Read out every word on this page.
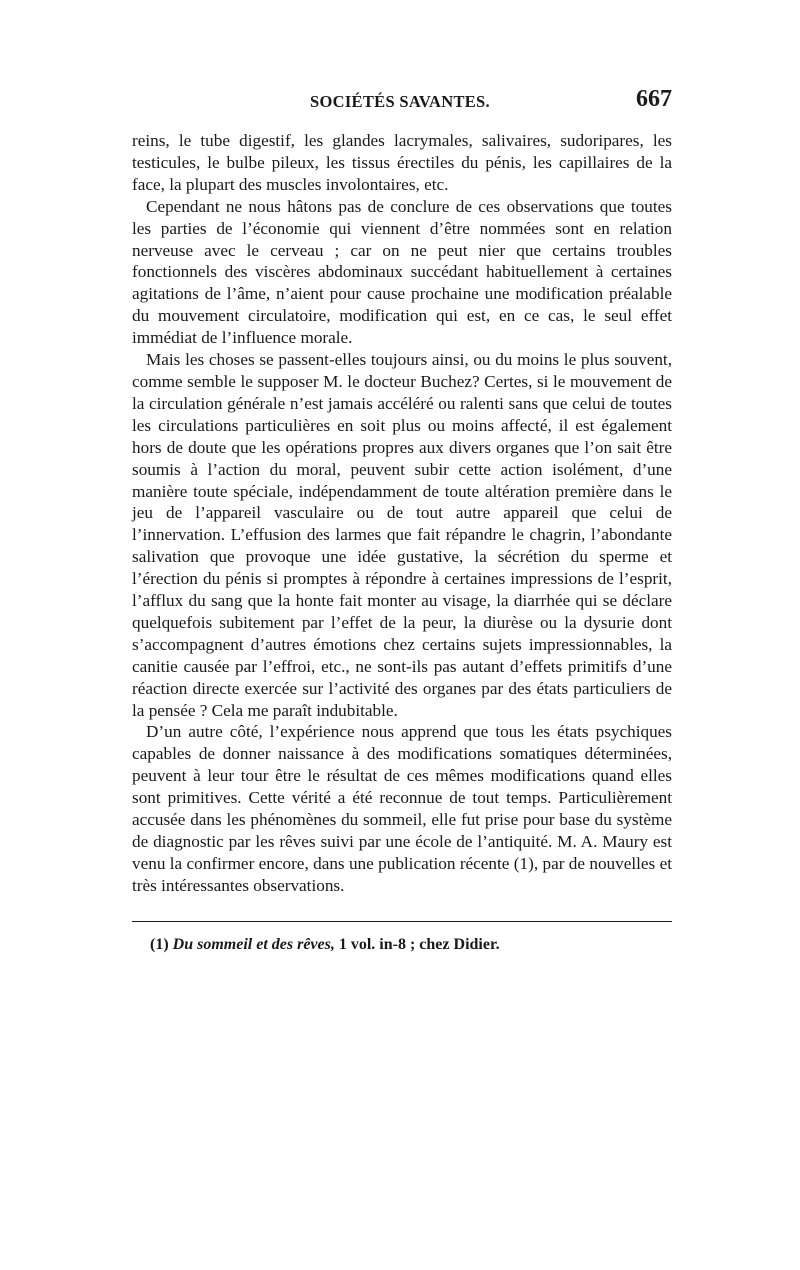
SOCIÉTÉS SAVANTES.	667

reins, le tube digestif, les glandes lacrymales, salivaires, sudoripares, les testicules, le bulbe pileux, les tissus érectiles du pénis, les capillaires de la face, la plupart des muscles involontaires, etc.

Cependant ne nous hâtons pas de conclure de ces observations que toutes les parties de l’économie qui viennent d’être nommées sont en relation nerveuse avec le cerveau ; car on ne peut nier que certains troubles fonctionnels des viscères abdominaux succédant habituellement à certaines agitations de l’âme, n’aient pour cause prochaine une modification préalable du mouvement circulatoire, modification qui est, en ce cas, le seul effet immédiat de l’influence morale.

Mais les choses se passent-elles toujours ainsi, ou du moins le plus souvent, comme semble le supposer M. le docteur Buchez? Certes, si le mouvement de la circulation générale n’est jamais accéléré ou ralenti sans que celui de toutes les circulations particulières en soit plus ou moins affecté, il est également hors de doute que les opérations propres aux divers organes que l’on sait être soumis à l’action du moral, peuvent subir cette action isolément, d’une manière toute spéciale, indépendamment de toute altération première dans le jeu de l’appareil vasculaire ou de tout autre appareil que celui de l’innervation. L’effusion des larmes que fait répandre le chagrin, l’abondante salivation que provoque une idée gustative, la sécrétion du sperme et l’érection du pénis si promptes à répondre à certaines impressions de l’esprit, l’afflux du sang que la honte fait monter au visage, la diarrhée qui se déclare quelquefois subitement par l’effet de la peur, la diurèse ou la dysurie dont s’accompagnent d’autres émotions chez certains sujets impressionnables, la canitie causée par l’effroi, etc., ne sont-ils pas autant d’effets primitifs d’une réaction directe exercée sur l’activité des organes par des états particuliers de la pensée ? Cela me paraît indubitable.

D’un autre côté, l’expérience nous apprend que tous les états psychiques capables de donner naissance à des modifications somatiques déterminées, peuvent à leur tour être le résultat de ces mêmes modifications quand elles sont primitives. Cette vérité a été reconnue de tout temps. Particulièrement accusée dans les phénomènes du sommeil, elle fut prise pour base du système de diagnostic par les rêves suivi par une école de l’antiquité. M. A. Maury est venu la confirmer encore, dans une publication récente (1), par de nouvelles et très intéressantes observations.

(1) Du sommeil et des rêves, 1 vol. in-8 ; chez Didier.
